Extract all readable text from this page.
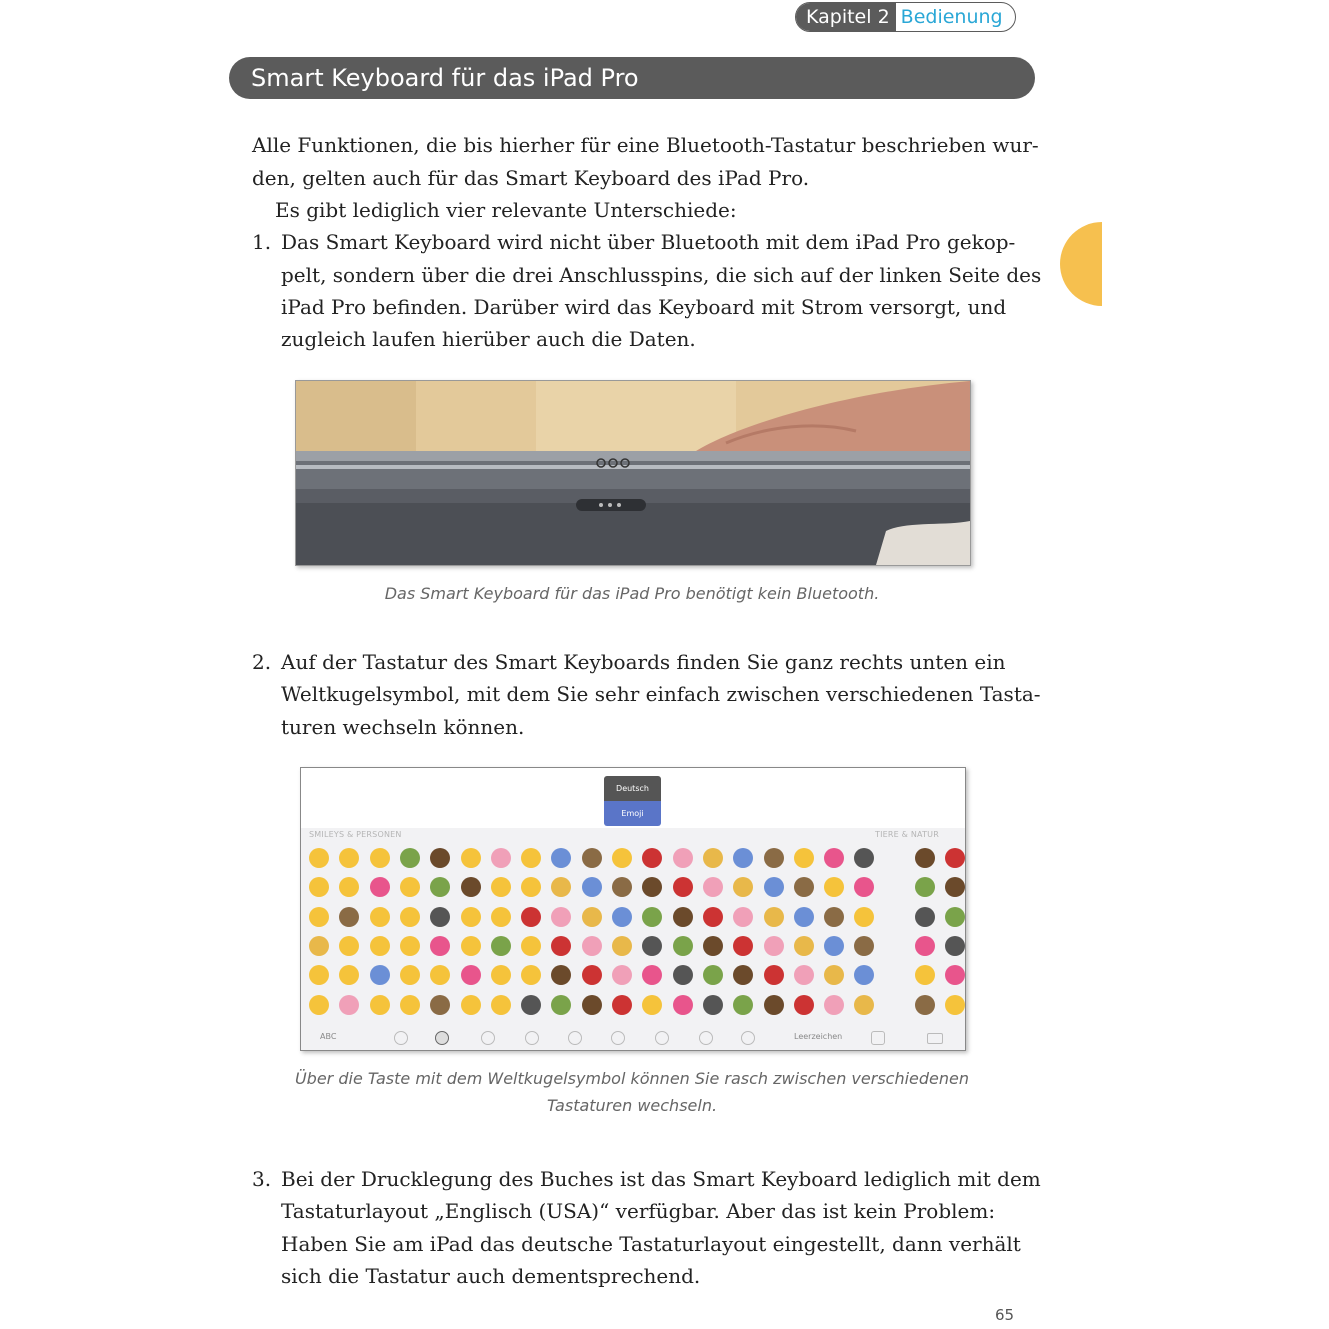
Kapitel 2 Bedienung
Smart Keyboard für das iPad Pro
Alle Funktionen, die bis hierher für eine Bluetooth-Tastatur beschrieben wur-
den, gelten auch für das Smart Keyboard des iPad Pro.
Es gibt lediglich vier relevante Unterschiede:
1. Das Smart Keyboard wird nicht über Bluetooth mit dem iPad Pro gekop-
pelt, sondern über die drei Anschlusspins, die sich auf der linken Seite des
iPad Pro befinden. Darüber wird das Keyboard mit Strom versorgt, und
zugleich laufen hierüber auch die Daten.
Das Smart Keyboard für das iPad Pro benötigt kein Bluetooth.
2. Auf der Tastatur des Smart Keyboards finden Sie ganz rechts unten ein
Weltkugelsymbol, mit dem Sie sehr einfach zwischen verschiedenen Tasta-
turen wechseln können.
Deutsch
Emoji
SMILEYS & PERSONEN	TIERE & NATUR
ABC	Leerzeichen
Über die Taste mit dem Weltkugelsymbol können Sie rasch zwischen verschiedenen
Tastaturen wechseln.
3. Bei der Drucklegung des Buches ist das Smart Keyboard lediglich mit dem
Tastaturlayout „Englisch (USA)“ verfügbar. Aber das ist kein Problem:
Haben Sie am iPad das deutsche Tastaturlayout eingestellt, dann verhält
sich die Tastatur auch dementsprechend.
65
